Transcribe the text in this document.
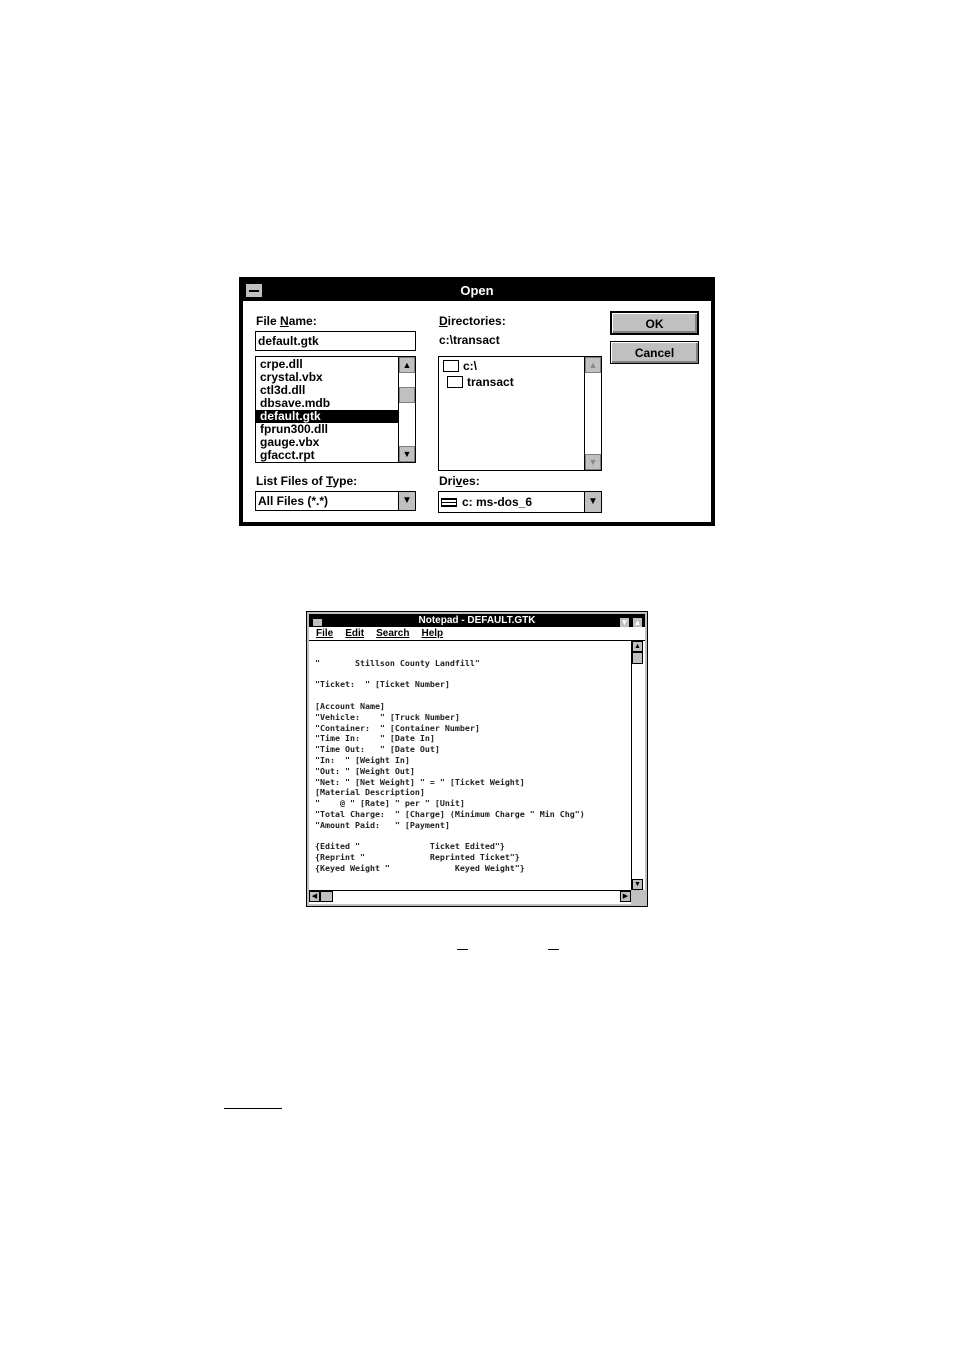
Open
File Name:
default.gtk
crpe.dll
crystal.vbx
ctl3d.dll
dbsave.mdb
default.gtk
fprun300.dll
gauge.vbx
gfacct.rpt
▲
▼
List Files of Type:
All Files (*.*)	▼
Directories:
c:\transact
c:\
transact
▲
▼
Drives:
c: ms-dos_6	▼
OK
Cancel
Notepad - DEFAULT.GTK	▼ ▲
File Edit Search Help
"       Stillson County Landfill"
"Ticket:  " [Ticket Number]
[Account Name]
"Vehicle:    " [Truck Number]
"Container:  " [Container Number]
"Time In:    " [Date In]
"Time Out:   " [Date Out]
"In:  " [Weight In]
"Out: " [Weight Out]
"Net: " [Net Weight] " = " [Ticket Weight]
[Material Description]
"    @ " [Rate] " per " [Unit]
"Total Charge:  " [Charge] (Minimum Charge " Min Chg")
"Amount Paid:   " [Payment]
{Edited "              Ticket Edited"}
{Reprint "             Reprinted Ticket"}
{Keyed Weight "             Keyed Weight"}
▲
▼
◀	▶
